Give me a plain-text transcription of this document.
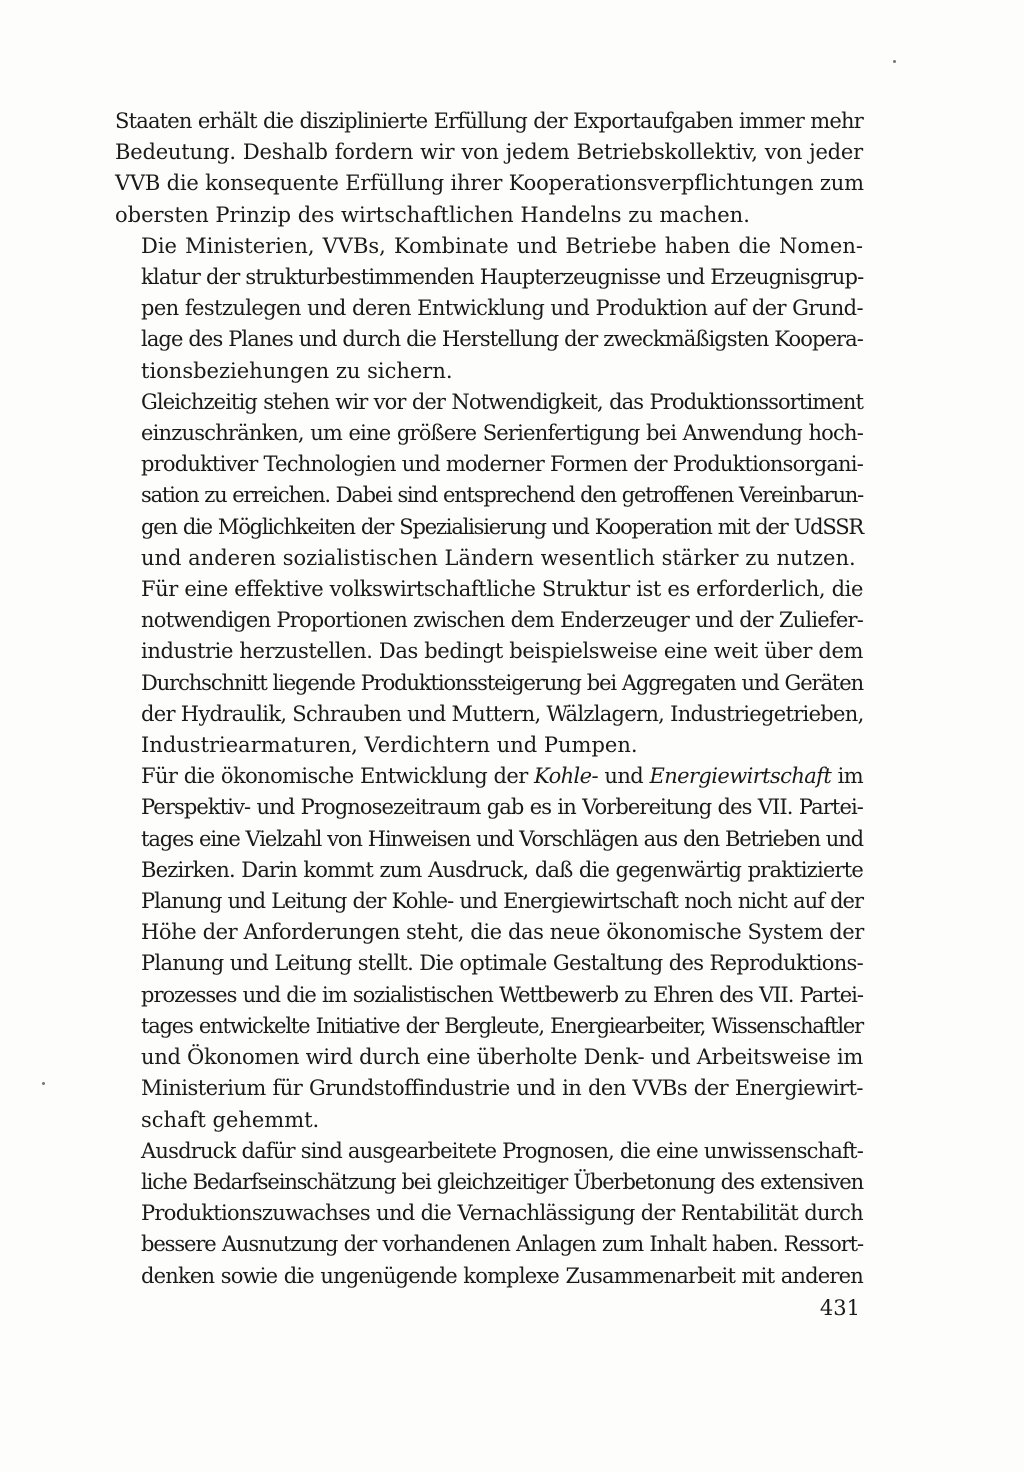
Staaten erhält die disziplinierte Erfüllung der Exportaufgaben immer mehr
Bedeutung. Deshalb fordern wir von jedem Betriebskollektiv, von jeder
VVB die konsequente Erfüllung ihrer Kooperationsverpflichtungen zum
obersten Prinzip des wirtschaftlichen Handelns zu machen.

Die Ministerien, VVBs, Kombinate und Betriebe haben die Nomen-
klatur der strukturbestimmenden Haupterzeugnisse und Erzeugnisgrup-
pen festzulegen und deren Entwicklung und Produktion auf der Grund-
lage des Planes und durch die Herstellung der zweckmäßigsten Koopera-
tionsbeziehungen zu sichern.

Gleichzeitig stehen wir vor der Notwendigkeit, das Produktionssortiment
einzuschränken, um eine größere Serienfertigung bei Anwendung hoch-
produktiver Technologien und moderner Formen der Produktionsorgani-
sation zu erreichen. Dabei sind entsprechend den getroffenen Vereinbarun-
gen die Möglichkeiten der Spezialisierung und Kooperation mit der UdSSR
und anderen sozialistischen Ländern wesentlich stärker zu nutzen.

Für eine effektive volkswirtschaftliche Struktur ist es erforderlich, die
notwendigen Proportionen zwischen dem Enderzeuger und der Zuliefer-
industrie herzustellen. Das bedingt beispielsweise eine weit über dem
Durchschnitt liegende Produktionssteigerung bei Aggregaten und Geräten
der Hydraulik, Schrauben und Muttern, Wälzlagern, Industriegetrieben,
Industriearmaturen, Verdichtern und Pumpen.

Für die ökonomische Entwicklung der Kohle- und Energiewirtschaft im
Perspektiv- und Prognosezeitraum gab es in Vorbereitung des VII. Partei-
tages eine Vielzahl von Hinweisen und Vorschlägen aus den Betrieben und
Bezirken. Darin kommt zum Ausdruck, daß die gegenwärtig praktizierte
Planung und Leitung der Kohle- und Energiewirtschaft noch nicht auf der
Höhe der Anforderungen steht, die das neue ökonomische System der
Planung und Leitung stellt. Die optimale Gestaltung des Reproduktions-
prozesses und die im sozialistischen Wettbewerb zu Ehren des VII. Partei-
tages entwickelte Initiative der Bergleute, Energiearbeiter, Wissenschaftler
und Ökonomen wird durch eine überholte Denk- und Arbeitsweise im
Ministerium für Grundstoffindustrie und in den VVBs der Energiewirt-
schaft gehemmt.

Ausdruck dafür sind ausgearbeitete Prognosen, die eine unwissenschaft-
liche Bedarfseinschätzung bei gleichzeitiger Überbetonung des extensiven
Produktionszuwachses und die Vernachlässigung der Rentabilität durch
bessere Ausnutzung der vorhandenen Anlagen zum Inhalt haben. Ressort-
denken sowie die ungenügende komplexe Zusammenarbeit mit anderen

431
